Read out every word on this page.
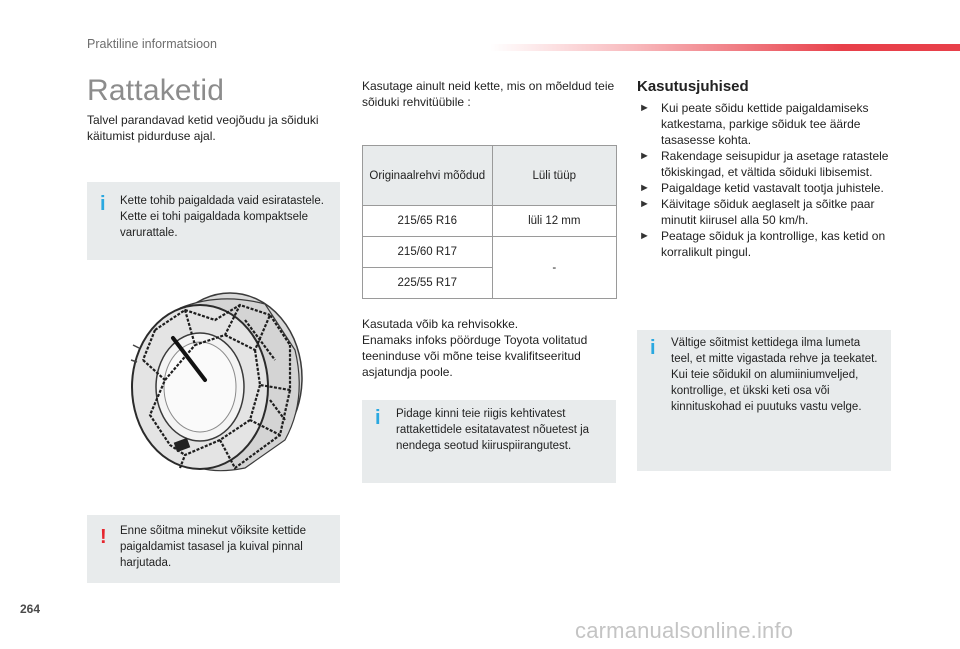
Praktiline informatsioon
Rattaketid

Talvel parandavad ketid veojõudu ja sõiduki käitumist pidurduse ajal.

i Kette tohib paigaldada vaid esiratastele. Kette ei tohi paigaldada kompaktsele varurattale.
! Enne sõitma minekut võiksite kettide paigaldamist tasasel ja kuival pinnal harjutada.

Kasutage ainult neid kette, mis on mõeldud teie sõiduki rehvitüübile :

Originaalrehvi mõõdud	Lüli tüüp
215/65 R16	lüli 12 mm
215/60 R17	-
225/55 R17	

Kasutada võib ka rehvisokke.
Enamaks infoks pöörduge Toyota volitatud teeninduse või mõne teise kvalifitseeritud asjatundja poole.

i Pidage kinni teie riigis kehtivatest rattakettidele esitatavatest nõuetest ja nendega seotud kiiruspiirangutest.
Kasutusjuhised
► Kui peate sõidu kettide paigaldamiseks katkestama, parkige sõiduk tee äärde tasasesse kohta.
► Rakendage seisupidur ja asetage ratastele tõkiskingad, et vältida sõiduki libisemist.
► Paigaldage ketid vastavalt tootja juhistele.
► Käivitage sõiduk aeglaselt ja sõitke paar minutit kiirusel alla 50 km/h.
► Peatage sõiduk ja kontrollige, kas ketid on korralikult pingul.
i Vältige sõitmist kettidega ilma lumeta teel, et mitte vigastada rehve ja teekatet. Kui teie sõidukil on alumiiniumveljed, kontrollige, et ükski keti osa või kinnituskohad ei puutuks vastu velge.
264
carmanualsonline.info
